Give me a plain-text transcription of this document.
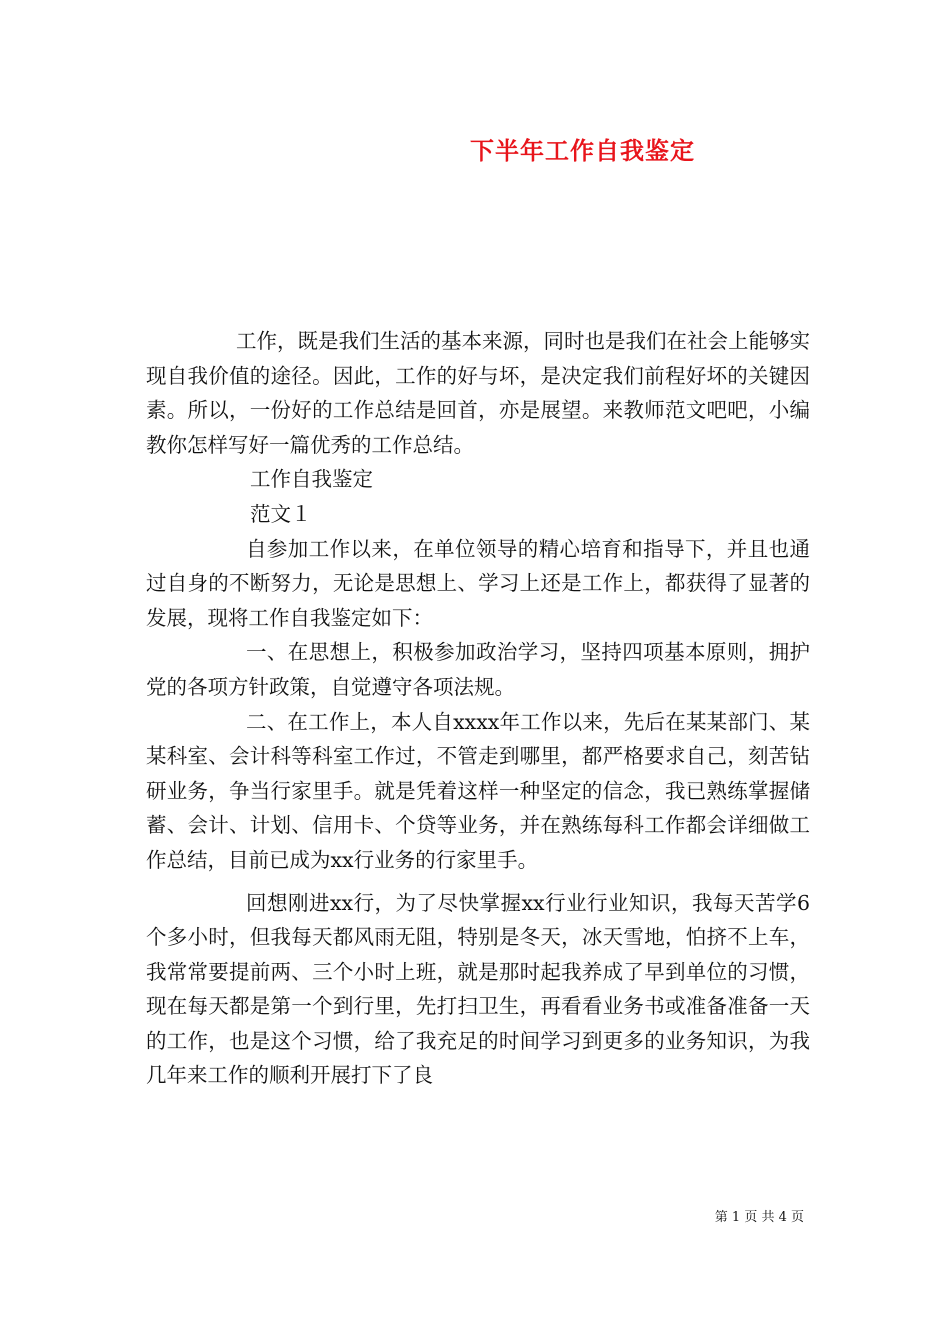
下半年工作自我鉴定

工作，既是我们生活的基本来源，同时也是我们在社会上能够实现自我价值的途径。因此，工作的好与坏，是决定我们前程好坏的关键因素。所以，一份好的工作总结是回首，亦是展望。来教师范文吧吧，小编教你怎样写好一篇优秀的工作总结。

工作自我鉴定

范文１

自参加工作以来，在单位领导的精心培育和指导下，并且也通过自身的不断努力，无论是思想上、学习上还是工作上，都获得了显著的发展，现将工作自我鉴定如下：

一、在思想上，积极参加政治学习，坚持四项基本原则，拥护党的各项方针政策，自觉遵守各项法规。

二、在工作上，本人自xxxx年工作以来，先后在某某部门、某某科室、会计科等科室工作过，不管走到哪里，都严格要求自己，刻苦钻研业务，争当行家里手。就是凭着这样一种坚定的信念，我已熟练掌握储蓄、会计、计划、信用卡、个贷等业务，并在熟练每科工作都会详细做工作总结，目前已成为xx行业务的行家里手。

回想刚进xx行，为了尽快掌握xx行业行业知识，我每天苦学6个多小时，但我每天都风雨无阻，特别是冬天，冰天雪地，怕挤不上车，我常常要提前两、三个小时上班，就是那时起我养成了早到单位的习惯，现在每天都是第一个到行里，先打扫卫生，再看看业务书或准备准备一天的工作，也是这个习惯，给了我充足的时间学习到更多的业务知识，为我几年来工作的顺利开展打下了良

第 1 页 共 4 页
